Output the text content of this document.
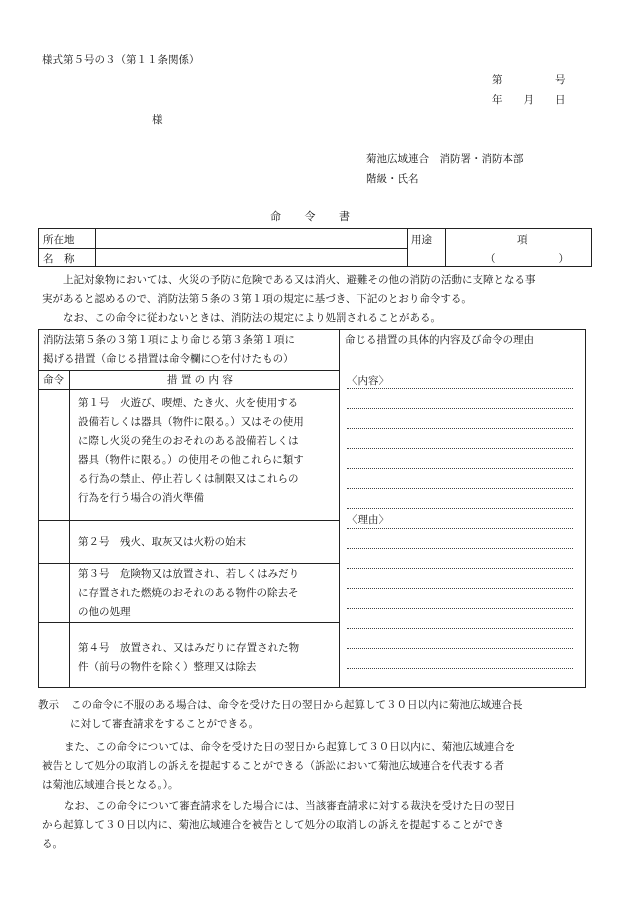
様式第５号の３（第１１条関係）
第　　　　　号
年　　月　　日
様
菊池広域連合　消防署・消防本部
階級・氏名
命 令 書
所在地
名　称
用途	項
（　　　　　　）
上記対象物においては、火災の予防に危険である又は消火、避難その他の消防の活動に支障となる事
実があると認めるので、消防法第５条の３第１項の規定に基づき、下記のとおり命令する。
なお、この命令に従わないときは、消防法の規定により処罰されることがある。
消防法第５条の３第１項により命じる第３条第１項に
掲げる措置（命じる措置は命令欄に○を付けたもの）
命じる措置の具体的内容及び命令の理由
命令	措 置 の 内 容
第１号　火遊び、喫煙、たき火、火を使用する
設備若しくは器具（物件に限る。）又はその使用
に際し火災の発生のおそれのある設備若しくは
器具（物件に限る。）の使用その他これらに類す
る行為の禁止、停止若しくは制限又はこれらの
行為を行う場合の消火準備
第２号　残火、取灰又は火粉の始末
第３号　危険物又は放置され、若しくはみだり
に存置された燃焼のおそれのある物件の除去そ
の他の処理
第４号　放置され、又はみだりに存置された物
件（前号の物件を除く）整理又は除去
〈内容〉
〈理由〉
教示 この命令に不服のある場合は、命令を受けた日の翌日から起算して３０日以内に菊池広域連合長
に対して審査請求をすることができる。
また、この命令については、命令を受けた日の翌日から起算して３０日以内に、菊池広域連合を
被告として処分の取消しの訴えを提起することができる（訴訟において菊池広域連合を代表する者
は菊池広域連合長となる。）。
なお、この命令について審査請求をした場合には、当該審査請求に対する裁決を受けた日の翌日
から起算して３０日以内に、菊池広域連合を被告として処分の取消しの訴えを提起することができ
る。
